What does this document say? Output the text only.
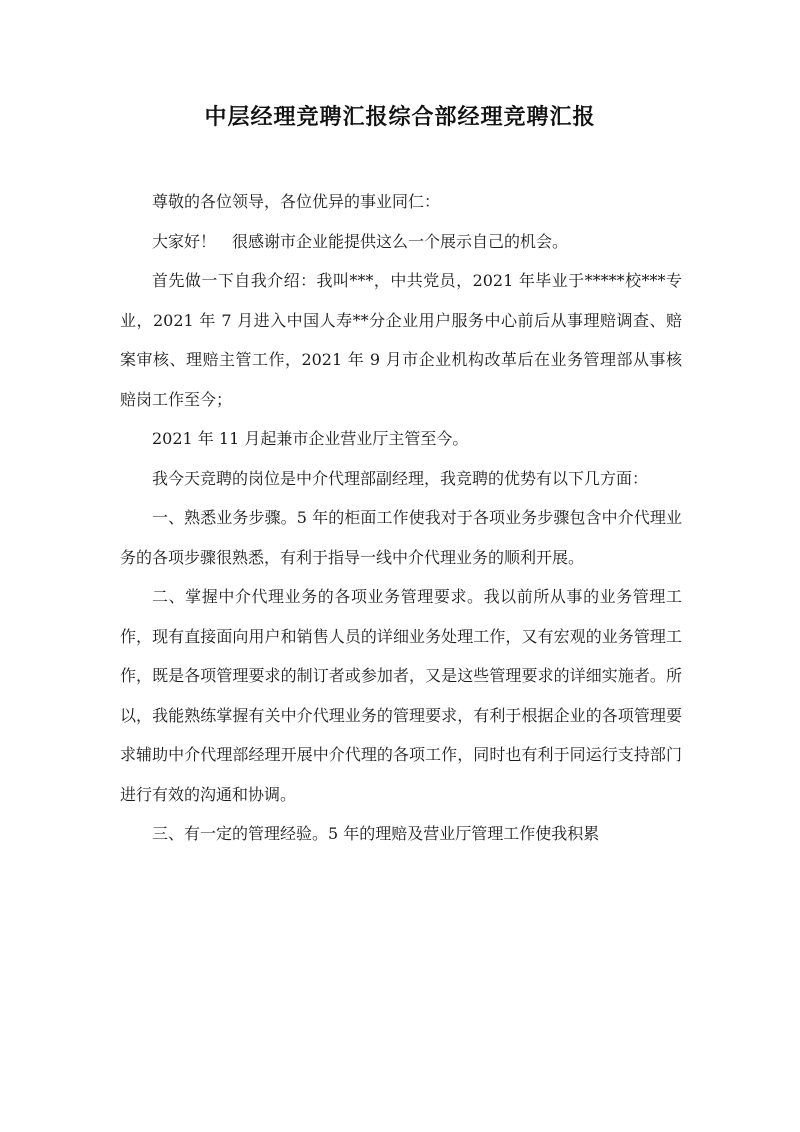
中层经理竞聘汇报综合部经理竞聘汇报

尊敬的各位领导，各位优异的事业同仁：

大家好！　很感谢市企业能提供这么一个展示自己的机会。

首先做一下自我介绍：我叫***，中共党员，2021 年毕业于*****校***专业，2021 年 7 月进入中国人寿**分企业用户服务中心前后从事理赔调查、赔案审核、理赔主管工作，2021 年 9 月市企业机构改革后在业务管理部从事核赔岗工作至今；

2021 年 11 月起兼市企业营业厅主管至今。

我今天竞聘的岗位是中介代理部副经理，我竞聘的优势有以下几方面：

一、熟悉业务步骤。5 年的柜面工作使我对于各项业务步骤包含中介代理业务的各项步骤很熟悉，有利于指导一线中介代理业务的顺利开展。

二、掌握中介代理业务的各项业务管理要求。我以前所从事的业务管理工作，现有直接面向用户和销售人员的详细业务处理工作，又有宏观的业务管理工作，既是各项管理要求的制订者或参加者，又是这些管理要求的详细实施者。所以，我能熟练掌握有关中介代理业务的管理要求，有利于根据企业的各项管理要求辅助中介代理部经理开展中介代理的各项工作，同时也有利于同运行支持部门进行有效的沟通和协调。

三、有一定的管理经验。5 年的理赔及营业厅管理工作使我积累
